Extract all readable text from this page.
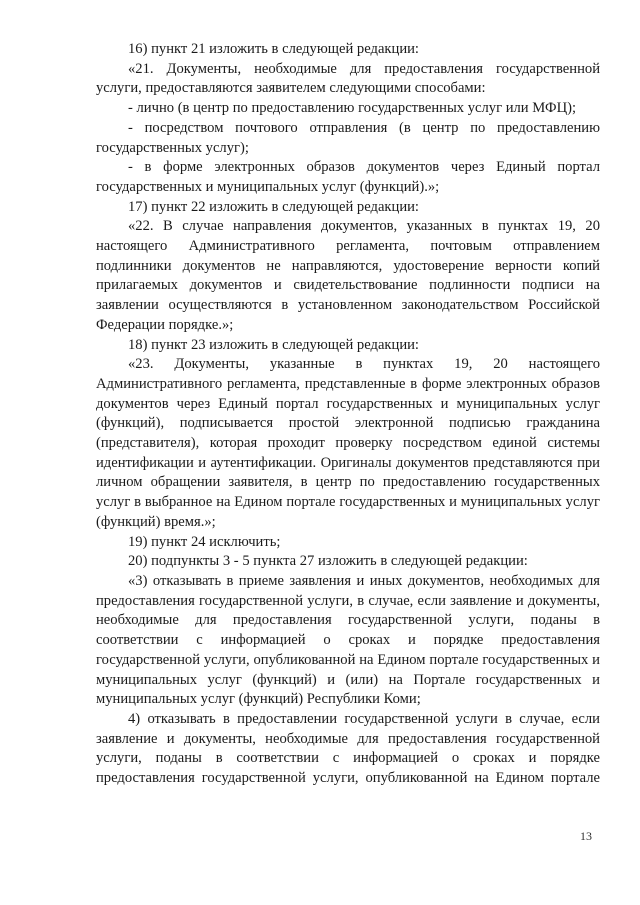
16) пункт 21 изложить в следующей редакции:

«21. Документы, необходимые для предоставления государственной услуги, предоставляются заявителем следующими способами:

- лично (в центр по предоставлению государственных услуг или МФЦ);

- посредством почтового отправления (в центр по предоставлению государственных услуг);

- в форме электронных образов документов через Единый портал государственных и муниципальных услуг (функций).»;

17) пункт 22 изложить в следующей редакции:

«22. В случае направления документов, указанных в пунктах 19, 20 настоящего Административного регламента, почтовым отправлением подлинники документов не направляются, удостоверение верности копий прилагаемых документов и свидетельствование подлинности подписи на заявлении осуществляются в установленном законодательством Российской Федерации порядке.»;

18) пункт 23 изложить в следующей редакции:

«23. Документы, указанные в пунктах 19, 20 настоящего Административного регламента, представленные в форме электронных образов документов через Единый портал государственных и муниципальных услуг (функций), подписывается простой электронной подписью гражданина (представителя), которая проходит проверку посредством единой системы идентификации и аутентификации. Оригиналы документов представляются при личном обращении заявителя, в центр по предоставлению государственных услуг в выбранное на Едином портале государственных и муниципальных услуг (функций) время.»;

19) пункт 24 исключить;

20) подпункты 3 - 5 пункта 27 изложить в следующей редакции:

«3) отказывать в приеме заявления и иных документов, необходимых для предоставления государственной услуги, в случае, если заявление и документы, необходимые для предоставления государственной услуги, поданы в соответствии с информацией о сроках и порядке предоставления государственной услуги, опубликованной на Едином портале государственных и муниципальных услуг (функций) и (или) на Портале государственных и муниципальных услуг (функций) Республики Коми;

4) отказывать в предоставлении государственной услуги в случае, если заявление и документы, необходимые для предоставления государственной услуги, поданы в соответствии с информацией о сроках и порядке предоставления государственной услуги, опубликованной на Едином портале

13
